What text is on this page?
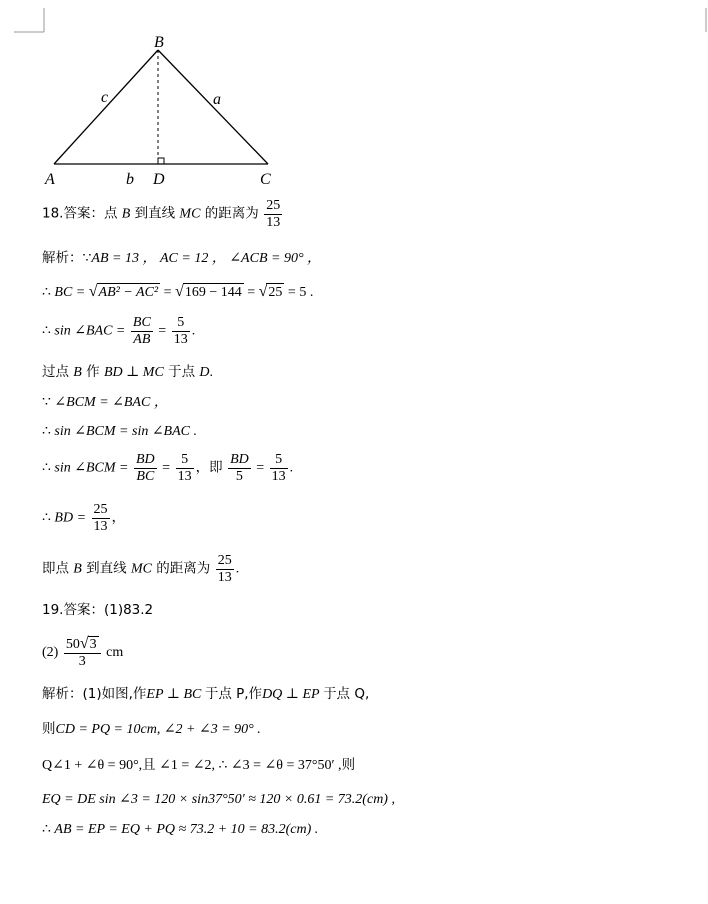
B
A	C
D
b
c	a
18.答案：点 B 到直线 MC 的距离为 $\frac{25}{13}$
解析：∵AB = 13 ， AC = 12 ， ∠ACB = 90° ，
∴ BC = √AB² − AC² = √169 − 144 = √25 = 5 .
∴ sin ∠BAC = $\frac{BC}{AB} = \frac{5}{13}$ .
过点 B 作 BD ⊥ MC 于点 D.
∵ ∠BCM = ∠BAC ，
∴ sin ∠BCM = sin ∠BAC .
∴ sin ∠BCM = $\frac{BD}{BC} = \frac{5}{13}$ ，即 $\frac{BD}{5} = \frac{5}{13}$ .
∴ BD = $\frac{25}{13}$ ，
即点 B 到直线 MC 的距离为 $\frac{25}{13}$ .
19.答案：(1)83.2
$(2) \frac{50√3}{3}$ cm
解析：(1)如图,作EP ⊥ BC 于点 P,作DQ ⊥ EP 于点 Q,
则CD = PQ = 10cm, ∠2 + ∠3 = 90° .
Q∠1 + ∠θ = 90°,且 ∠1 = ∠2, ∴ ∠3 = ∠θ = 37°50′ ,则
EQ = DE sin ∠3 = 120 × sin37°50′ ≈ 120 × 0.61 = 73.2(cm) ,
∴ AB = EP = EQ + PQ ≈ 73.2 + 10 = 83.2(cm) .
